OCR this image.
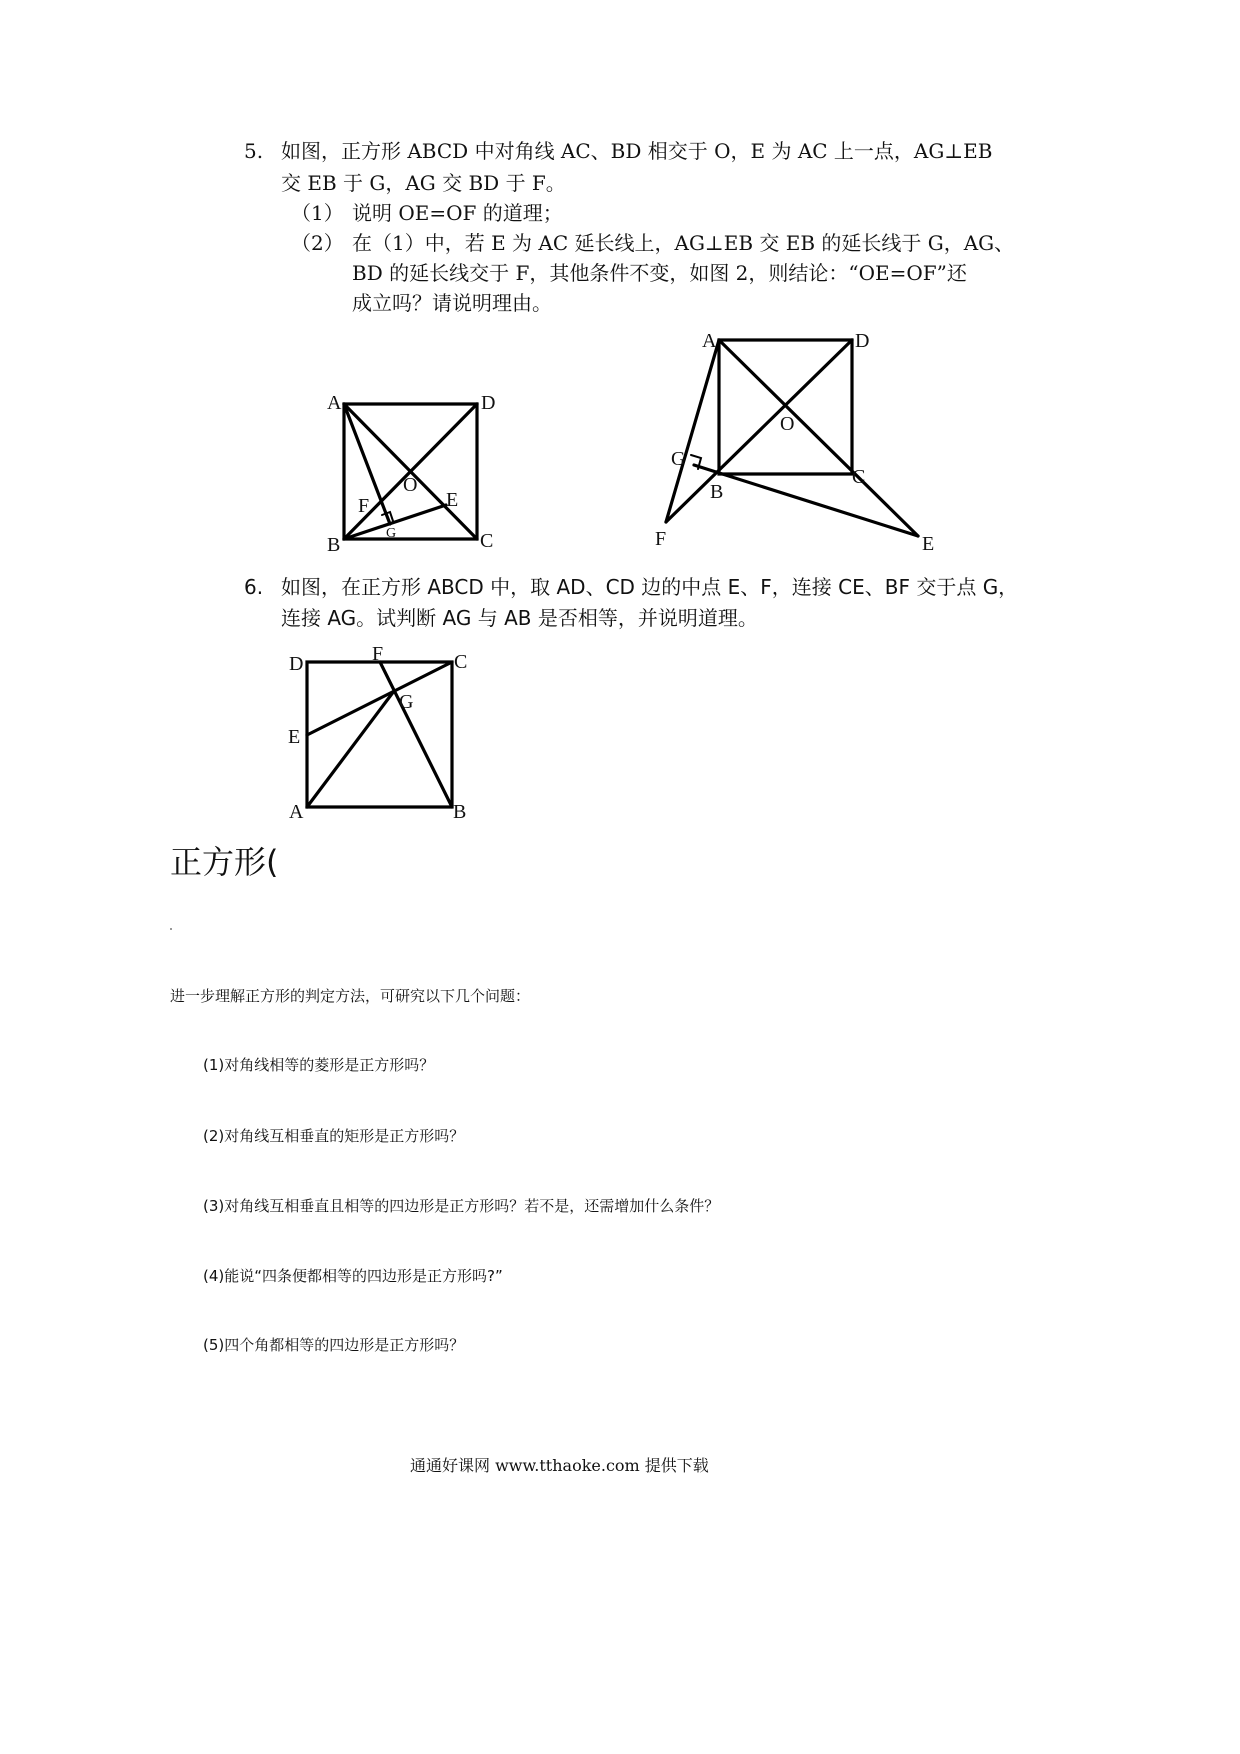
5. 如图，正方形 ABCD 中对角线 AC、BD 相交于 O，E 为 AC 上一点，AG⊥EB
交 EB 于 G，AG 交 BD 于 F。
（1） 说明 OE=OF 的道理；
（2） 在（1）中，若 E 为 AC 延长线上，AG⊥EB 交 EB 的延长线于 G，AG、
BD 的延长线交于 F，其他条件不变，如图 2，则结论：“OE=OF”还
成立吗？请说明理由。
A	D
B	C
O
E
F
G
A	D
B
C
O
E
F
G
6. 如图，在正方形 ABCD 中，取 AD、CD 边的中点 E、F，连接 CE、BF 交于点 G，
连接 AG。试判断 AG 与 AB 是否相等，并说明道理。
D	F	C
G
E
A	B
正方形(
进一步理解正方形的判定方法，可研究以下几个问题：
(1)对角线相等的菱形是正方形吗？
(2)对角线互相垂直的矩形是正方形吗？
(3)对角线互相垂直且相等的四边形是正方形吗？若不是，还需增加什么条件？
(4)能说“四条便都相等的四边形是正方形吗?”
(5)四个角都相等的四边形是正方形吗？
通通好课网 www.tthaoke.com 提供下载
